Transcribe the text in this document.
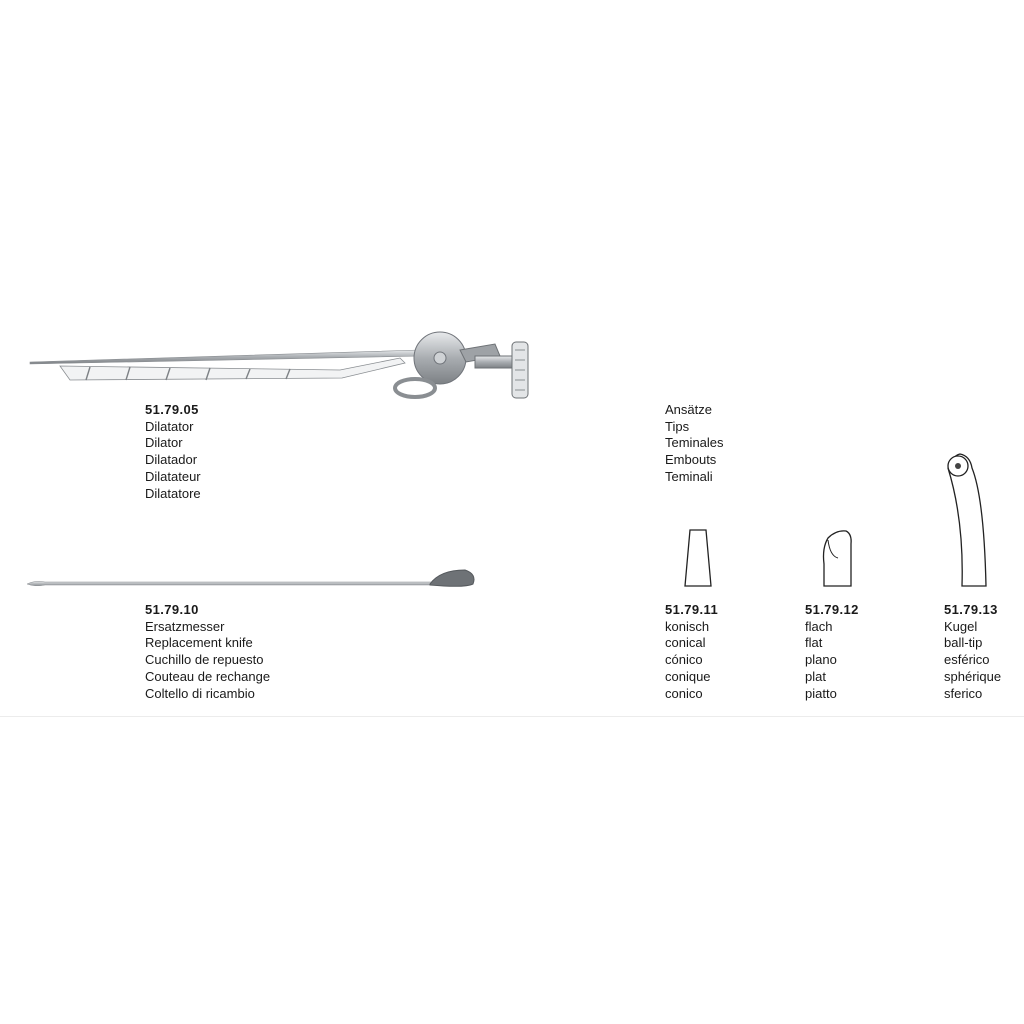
51.79.05
Dilatator
Dilator
Dilatador
Dilatateur
Dilatatore
51.79.10
Ersatzmesser
Replacement knife
Cuchillo de repuesto
Couteau de rechange
Coltello di ricambio
Ansätze
Tips
Teminales
Embouts
Teminali
51.79.11
konisch
conical
cónico
conique
conico
51.79.12
flach
flat
plano
plat
piatto
51.79.13
Kugel
ball-tip
esférico
sphérique
sferico
